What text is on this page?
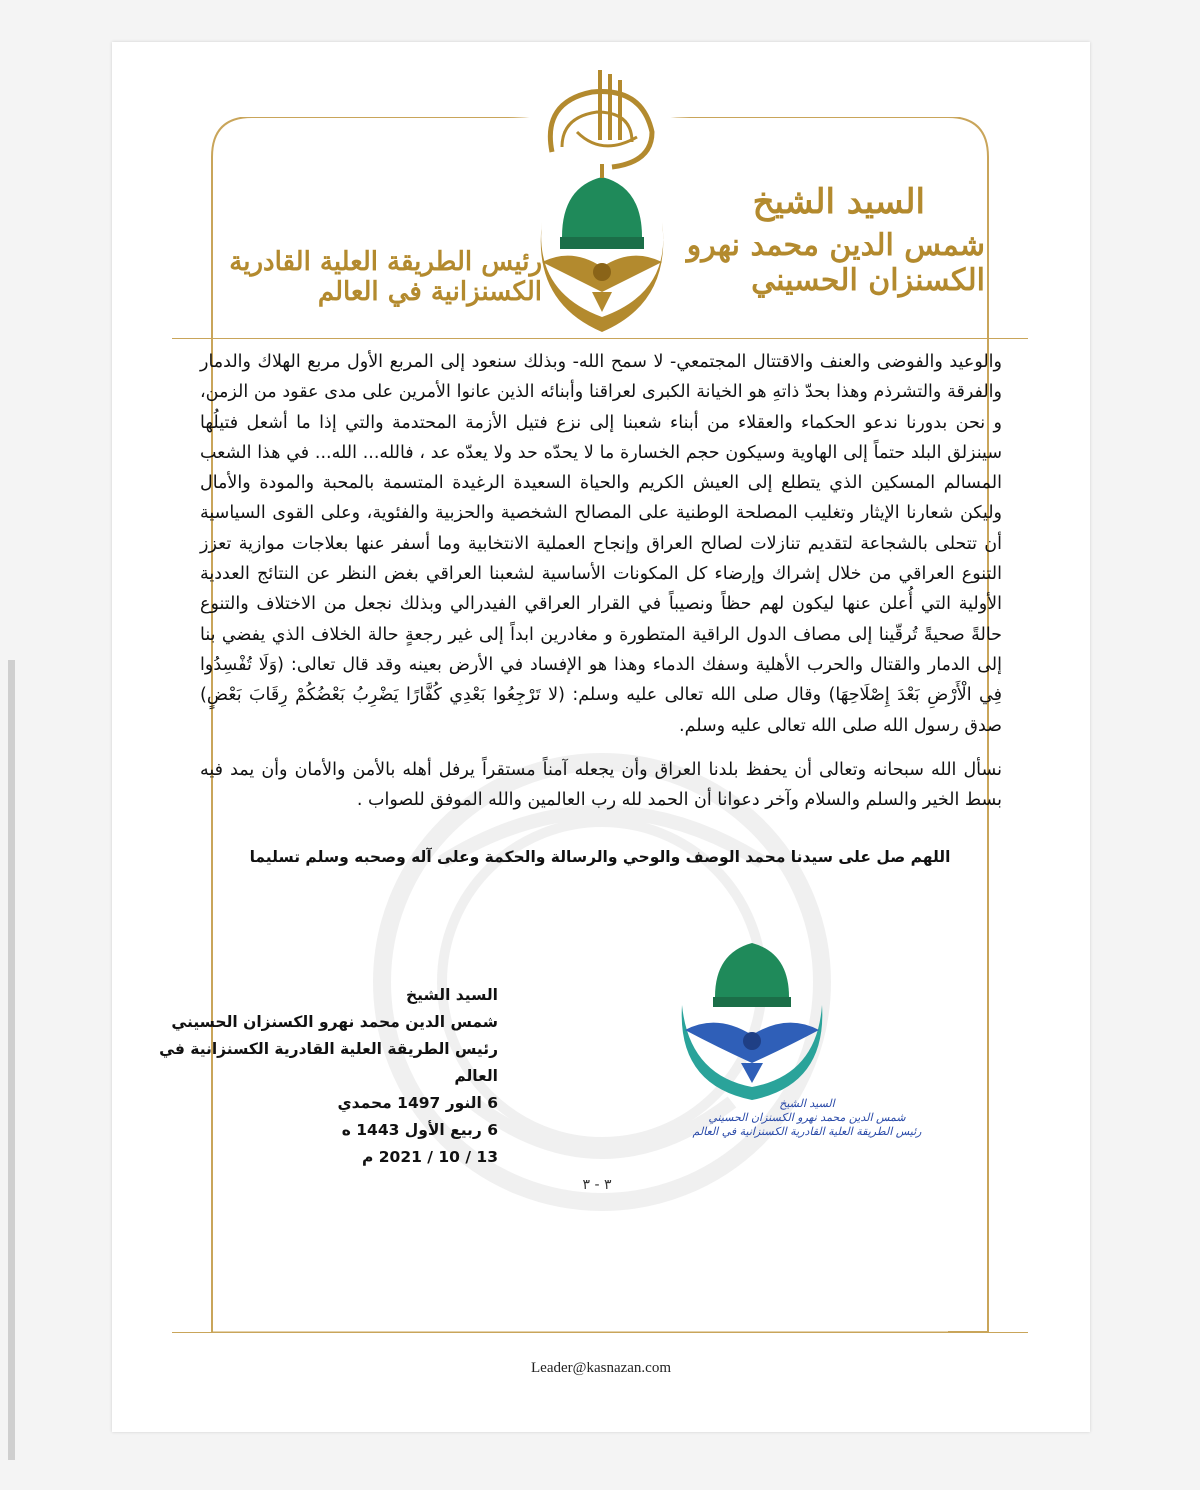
السيد الشيخ
شمس الدين محمد نهرو الكسنزان الحسيني
رئيس الطريقة العلية القادرية الكسنزانية في العالم

والوعيد والفوضى والعنف والاقتتال المجتمعي- لا سمح الله- وبذلك سنعود إلى المربع الأول مربع الهلاك والدمار والفرقة والتشرذم وهذا بحدّ ذاتهِ هو الخيانة الكبرى لعراقنا وأبنائه الذين عانوا الأمرين على مدى عقود من الزمن، و نحن بدورنا ندعو الحكماء والعقلاء من أبناء شعبنا إلى نزع فتيل الأزمة المحتدمة والتي إذا ما أشعل فتيلُها سينزلق البلد حتماً إلى الهاوية وسيكون حجم الخسارة ما لا يحدّه حد ولا يعدّه عد ، فالله... الله... في هذا الشعب المسالم المسكين الذي يتطلع إلى العيش الكريم والحياة السعيدة الرغيدة المتسمة بالمحبة والمودة والأمال وليكن شعارنا الإيثار وتغليب المصلحة الوطنية على المصالح الشخصية والحزبية والفئوية، وعلى القوى السياسية أن تتحلى بالشجاعة لتقديم تنازلات لصالح العراق وإنجاح العملية الانتخابية وما أسفر عنها بعلاجات موازية تعزز التنوع العراقي من خلال إشراك وإرضاء كل المكونات الأساسية لشعبنا العراقي بغض النظر عن النتائج العددية الأولية التي أُعلن عنها ليكون لهم حظاً ونصيباً في القرار العراقي الفيدرالي وبذلك نجعل من الاختلاف والتنوع حالةً صحيةً تُرقّينا إلى مصاف الدول الراقية المتطورة و مغادرين ابداً إلى غير رجعةٍ حالة الخلاف الذي يفضي بنا إلى الدمار والقتال والحرب الأهلية وسفك الدماء وهذا هو الإفساد في الأرض بعينه وقد قال تعالى: (وَلَا تُفْسِدُوا فِي الْأَرْضِ بَعْدَ إِصْلَاحِهَا) وقال صلى الله تعالى عليه وسلم: (لا تَرْجِعُوا بَعْدِي كُفَّارًا يَضْرِبُ بَعْضُكُمْ رِقَابَ بَعْضٍ) صدق رسول الله صلى الله تعالى عليه وسلم.

نسأل الله سبحانه وتعالى أن يحفظ بلدنا العراق وأن يجعله آمناً مستقراً يرفل أهله بالأمن والأمان وأن يمد فيه بسط الخير والسلم والسلام وآخر دعوانا أن الحمد لله رب العالمين والله الموفق للصواب .

اللهم صل على سيدنا محمد الوصف والوحي والرسالة والحكمة وعلى آله وصحبه وسلم تسليما
السيد الشيخ
شمس الدين محمد نهرو الكسنزان الحسيني
رئيس الطريقة العلية القادرية الكسنزانية في العالم
6 النور 1497 محمدي
6 ربيع الأول 1443 ه
13 / 10 / 2021 م
السيد الشيخ
شمس الدين محمد نهرو الكسنزان الحسيني
رئيس الطريقة العلية القادرية الكسنزانية في العالم
٣ - ٣
Leader@kasnazan.com
